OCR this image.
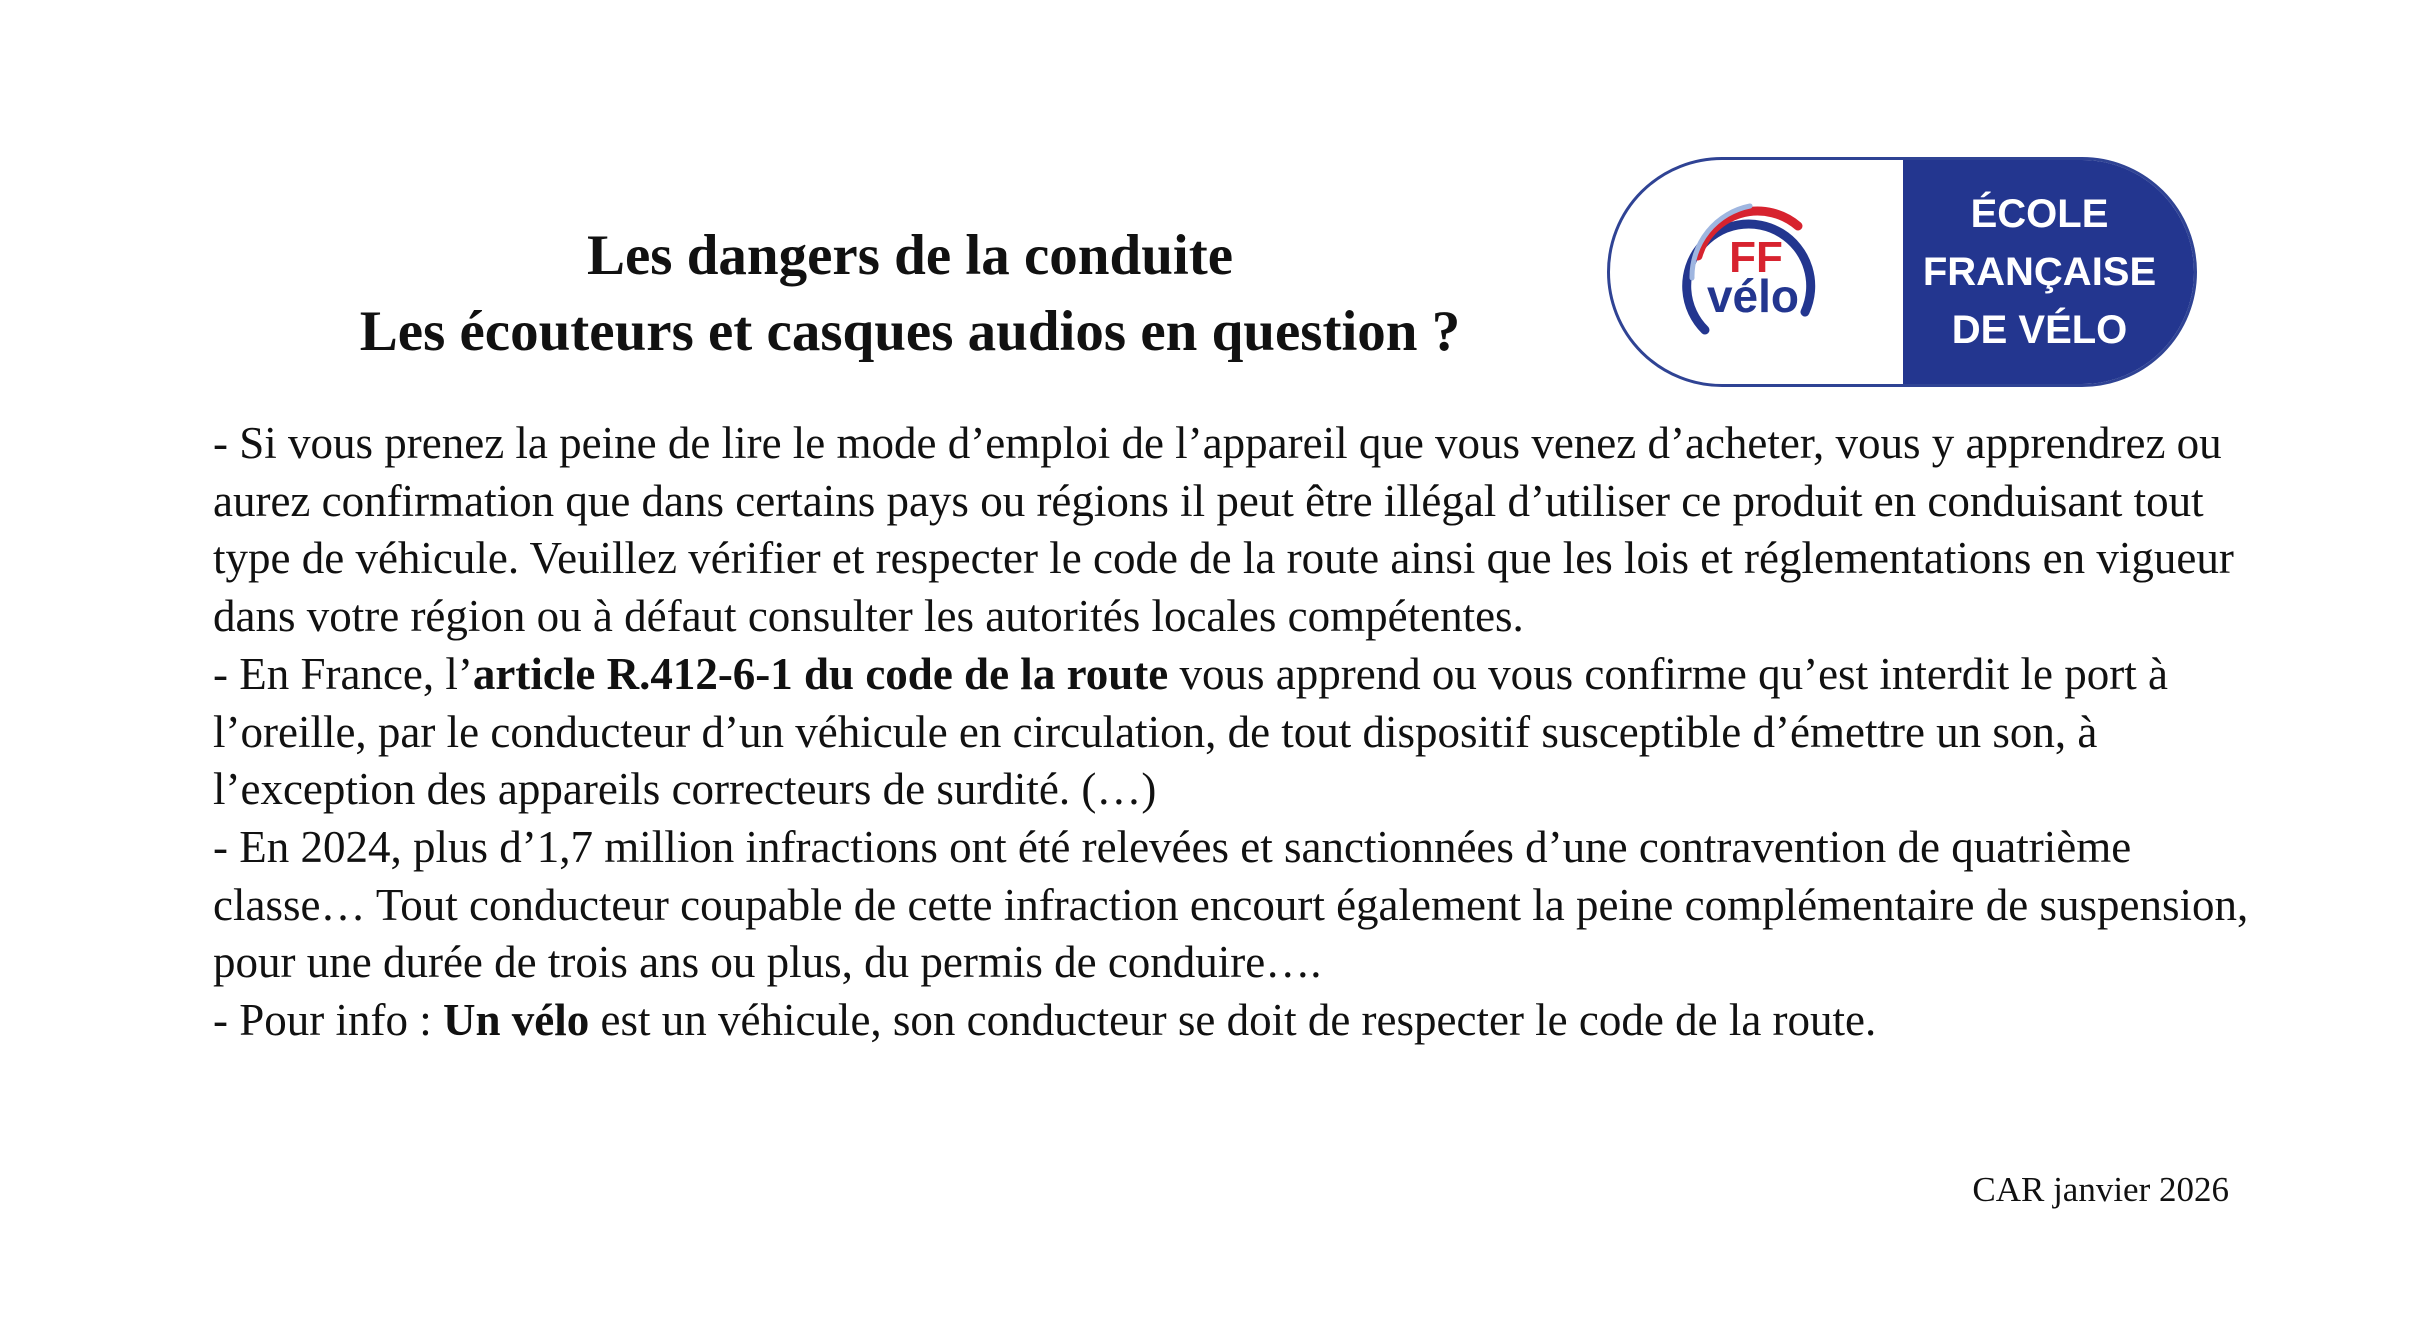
Les dangers de la conduite
Les écouteurs et casques audios en question ?
FF
vélo
ÉCOLE
FRANÇAISE
DE VÉLO

- Si vous prenez la peine de lire le mode d’emploi de l’appareil que vous venez d’acheter, vous y apprendrez ou aurez confirmation que dans certains pays ou régions il peut être illégal d’utiliser ce produit en conduisant tout type de véhicule. Veuillez vérifier et respecter le code de la route ainsi que les lois et réglementations en vigueur dans votre région ou à défaut consulter les autorités locales compétentes.

- En France, l’article R.412-6-1 du code de la route vous apprend ou vous confirme qu’est interdit le port à l’oreille, par le conducteur d’un véhicule en circulation, de tout dispositif susceptible d’émettre un son, à l’exception des appareils correcteurs de surdité. (…)

- En 2024, plus d’1,7 million infractions ont été relevées et sanctionnées d’une contravention de quatrième classe… Tout conducteur coupable de cette infraction encourt également la peine complémentaire de suspension, pour une durée de trois ans ou plus, du permis de conduire….

- Pour info : Un vélo est un véhicule, son conducteur se doit de respecter le code de la route.

CAR janvier 2026
